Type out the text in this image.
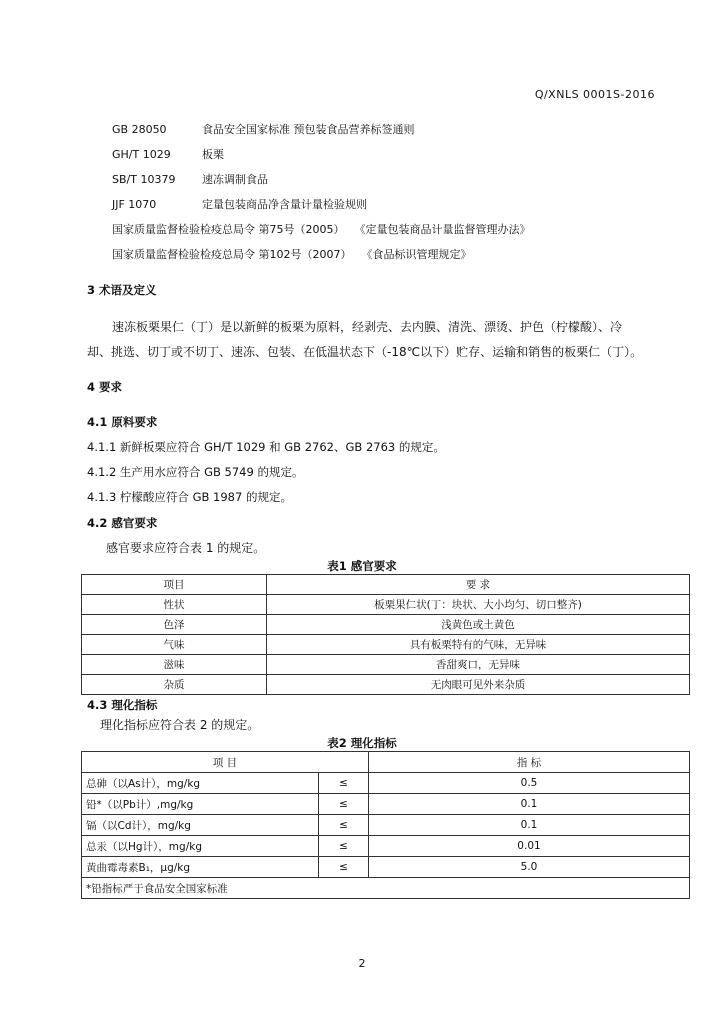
Q/XNLS 0001S-2016
GB 28050	食品安全国家标准 预包装食品营养标签通则
GH/T 1029	板栗
SB/T 10379 速冻调制食品
JJF 1070	定量包装商品净含量计量检验规则
国家质量监督检验检疫总局令 第75号（2005） 《定量包装商品计量监督管理办法》
国家质量监督检验检疫总局令 第102号（2007） 《食品标识管理规定》
3 术语及定义
速冻板栗果仁（丁）是以新鲜的板栗为原料，经剥壳、去内膜、清洗、漂烫、护色（柠檬酸）、冷
却、挑选、切丁或不切丁、速冻、包装、在低温状态下（-18℃以下）贮存、运输和销售的板栗仁（丁）。
4 要求
4.1 原料要求
4.1.1 新鲜板栗应符合 GH/T 1029 和 GB 2762、GB 2763 的规定。
4.1.2 生产用水应符合 GB 5749 的规定。
4.1.3 柠檬酸应符合 GB 1987 的规定。
4.2 感官要求
感官要求应符合表 1 的规定。
表1 感官要求
项目	要 求
性状	板栗果仁状(丁：块状、大小均匀、切口整齐)
色泽	浅黄色或土黄色
气味	具有板栗特有的气味，无异味
滋味	香甜爽口，无异味
杂质	无肉眼可见外来杂质
4.3 理化指标
理化指标应符合表 2 的规定。
表2 理化指标
项 目		指 标
总砷（以As计），mg/kg	≤	0.5
铅*（以Pb计）,mg/kg	≤	0.1
镉（以Cd计），mg/kg	≤	0.1
总汞（以Hg计），mg/kg	≤	0.01
黄曲霉毒素B₁，μg/kg	≤	5.0
*铅指标严于食品安全国家标准		
2
